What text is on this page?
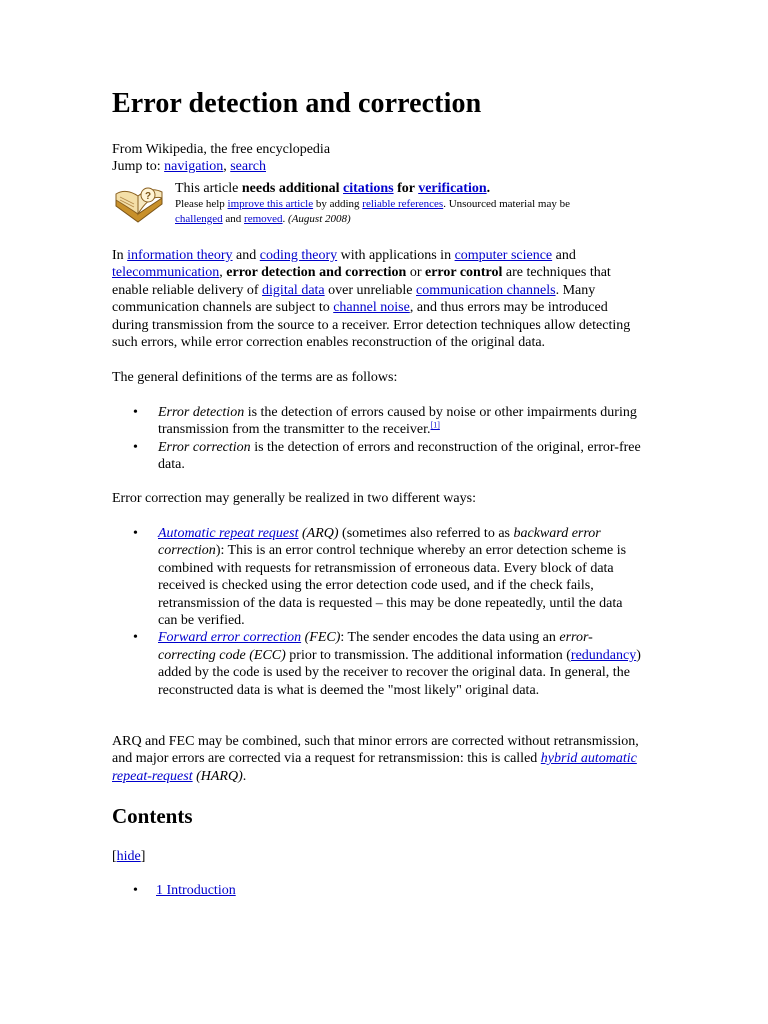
Error detection and correction

From Wikipedia, the free encyclopedia

Jump to: navigation, search

?

This article needs additional citations for verification.

Please help improve this article by adding reliable references. Unsourced material may be
challenged and removed. (August 2008)

In information theory and coding theory with applications in computer science and telecommunication, error detection and correction or error control are techniques that enable reliable delivery of digital data over unreliable communication channels. Many communication channels are subject to channel noise, and thus errors may be introduced during transmission from the source to a receiver. Error detection techniques allow detecting such errors, while error correction enables reconstruction of the original data.

The general definitions of the terms are as follows:

• Error detection is the detection of errors caused by noise or other impairments during transmission from the transmitter to the receiver.[1]
• Error correction is the detection of errors and reconstruction of the original, error-free data.

Error correction may generally be realized in two different ways:

• Automatic repeat request (ARQ) (sometimes also referred to as backward error correction): This is an error control technique whereby an error detection scheme is combined with requests for retransmission of erroneous data. Every block of data received is checked using the error detection code used, and if the check fails, retransmission of the data is requested – this may be done repeatedly, until the data can be verified.
• Forward error correction (FEC): The sender encodes the data using an error-correcting code (ECC) prior to transmission. The additional information (redundancy) added by the code is used by the receiver to recover the original data. In general, the reconstructed data is what is deemed the "most likely" original data.

ARQ and FEC may be combined, such that minor errors are corrected without retransmission, and major errors are corrected via a request for retransmission: this is called hybrid automatic repeat-request (HARQ).

Contents

[hide]

• 1 Introduction
